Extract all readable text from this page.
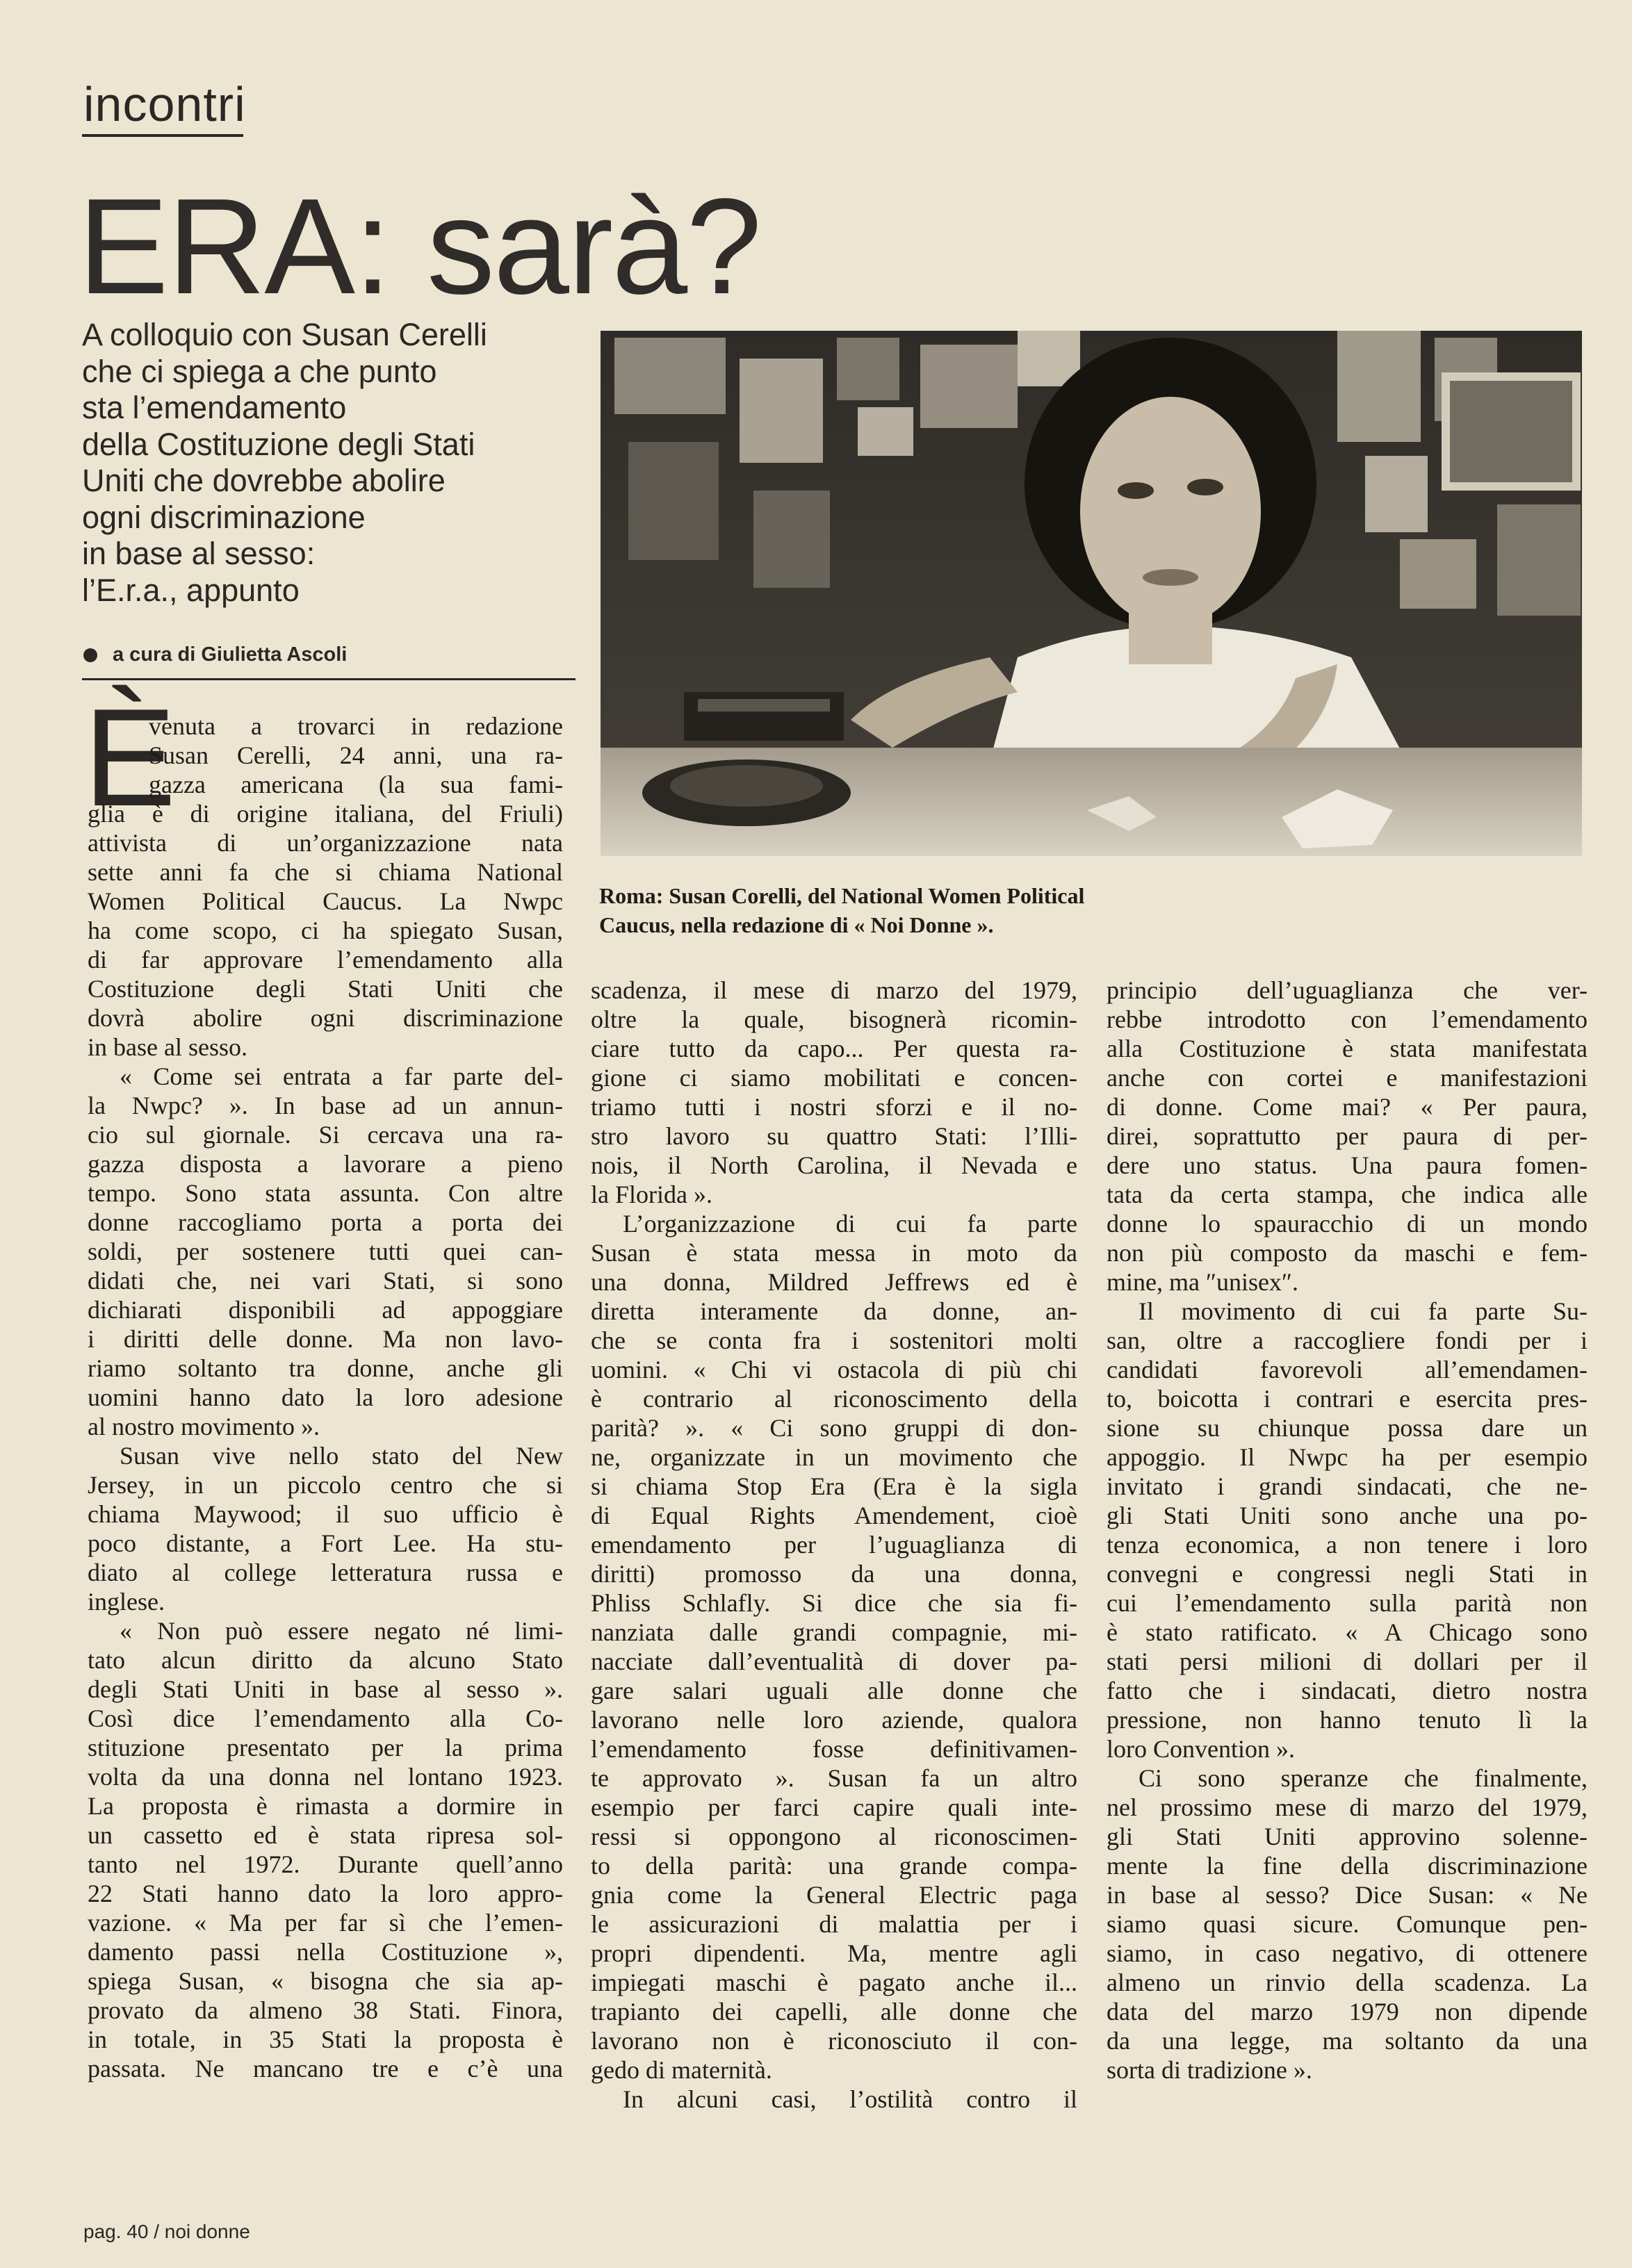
incontri
ERA: sarà?
A colloquio con Susan Cerelli
che ci spiega a che punto
sta l’emendamento
della Costituzione degli Stati
Uniti che dovrebbe abolire
ogni discriminazione
in base al sesso:
l’E.r.a., appunto
a cura di Giulietta Ascoli
Roma: Susan Corelli, del National Women Political
Caucus, nella redazione di « Noi Donne ».
È
venuta a trovarci in redazione
Susan Cerelli, 24 anni, una ra-
gazza americana (la sua fami-
glia è di origine italiana, del Friuli)
attivista di un’organizzazione nata
sette anni fa che si chiama National
Women Political Caucus. La Nwpc
ha come scopo, ci ha spiegato Susan,
di far approvare l’emendamento alla
Costituzione degli Stati Uniti che
dovrà abolire ogni discriminazione
in base al sesso.
« Come sei entrata a far parte del-
la Nwpc? ». In base ad un annun-
cio sul giornale. Si cercava una ra-
gazza disposta a lavorare a pieno
tempo. Sono stata assunta. Con altre
donne raccogliamo porta a porta dei
soldi, per sostenere tutti quei can-
didati che, nei vari Stati, si sono
dichiarati disponibili ad appoggiare
i diritti delle donne. Ma non lavo-
riamo soltanto tra donne, anche gli
uomini hanno dato la loro adesione
al nostro movimento ».
Susan vive nello stato del New
Jersey, in un piccolo centro che si
chiama Maywood; il suo ufficio è
poco distante, a Fort Lee. Ha stu-
diato al college letteratura russa e
inglese.
« Non può essere negato né limi-
tato alcun diritto da alcuno Stato
degli Stati Uniti in base al sesso ».
Così dice l’emendamento alla Co-
stituzione presentato per la prima
volta da una donna nel lontano 1923.
La proposta è rimasta a dormire in
un cassetto ed è stata ripresa sol-
tanto nel 1972. Durante quell’anno
22 Stati hanno dato la loro appro-
vazione. « Ma per far sì che l’emen-
damento passi nella Costituzione »,
spiega Susan, « bisogna che sia ap-
provato da almeno 38 Stati. Finora,
in totale, in 35 Stati la proposta è
passata. Ne mancano tre e c’è una
scadenza, il mese di marzo del 1979,
oltre la quale, bisognerà ricomin-
ciare tutto da capo... Per questa ra-
gione ci siamo mobilitati e concen-
triamo tutti i nostri sforzi e il no-
stro lavoro su quattro Stati: l’Illi-
nois, il North Carolina, il Nevada e
la Florida ».
L’organizzazione di cui fa parte
Susan è stata messa in moto da
una donna, Mildred Jeffrews ed è
diretta interamente da donne, an-
che se conta fra i sostenitori molti
uomini. « Chi vi ostacola di più chi
è contrario al riconoscimento della
parità? ». « Ci sono gruppi di don-
ne, organizzate in un movimento che
si chiama Stop Era (Era è la sigla
di Equal Rights Amendement, cioè
emendamento per l’uguaglianza di
diritti) promosso da una donna,
Phliss Schlafly. Si dice che sia fi-
nanziata dalle grandi compagnie, mi-
nacciate dall’eventualità di dover pa-
gare salari uguali alle donne che
lavorano nelle loro aziende, qualora
l’emendamento fosse definitivamen-
te approvato ». Susan fa un altro
esempio per farci capire quali inte-
ressi si oppongono al riconoscimen-
to della parità: una grande compa-
gnia come la General Electric paga
le assicurazioni di malattia per i
propri dipendenti. Ma, mentre agli
impiegati maschi è pagato anche il...
trapianto dei capelli, alle donne che
lavorano non è riconosciuto il con-
gedo di maternità.
In alcuni casi, l’ostilità contro il
principio dell’uguaglianza che ver-
rebbe introdotto con l’emendamento
alla Costituzione è stata manifestata
anche con cortei e manifestazioni
di donne. Come mai? « Per paura,
direi, soprattutto per paura di per-
dere uno status. Una paura fomen-
tata da certa stampa, che indica alle
donne lo spauracchio di un mondo
non più composto da maschi e fem-
mine, ma ″unisex″.
Il movimento di cui fa parte Su-
san, oltre a raccogliere fondi per i
candidati favorevoli all’emendamen-
to, boicotta i contrari e esercita pres-
sione su chiunque possa dare un
appoggio. Il Nwpc ha per esempio
invitato i grandi sindacati, che ne-
gli Stati Uniti sono anche una po-
tenza economica, a non tenere i loro
convegni e congressi negli Stati in
cui l’emendamento sulla parità non
è stato ratificato. « A Chicago sono
stati persi milioni di dollari per il
fatto che i sindacati, dietro nostra
pressione, non hanno tenuto lì la
loro Convention ».
Ci sono speranze che finalmente,
nel prossimo mese di marzo del 1979,
gli Stati Uniti approvino solenne-
mente la fine della discriminazione
in base al sesso? Dice Susan: « Ne
siamo quasi sicure. Comunque pen-
siamo, in caso negativo, di ottenere
almeno un rinvio della scadenza. La
data del marzo 1979 non dipende
da una legge, ma soltanto da una
sorta di tradizione ».
pag. 40 / noi donne
